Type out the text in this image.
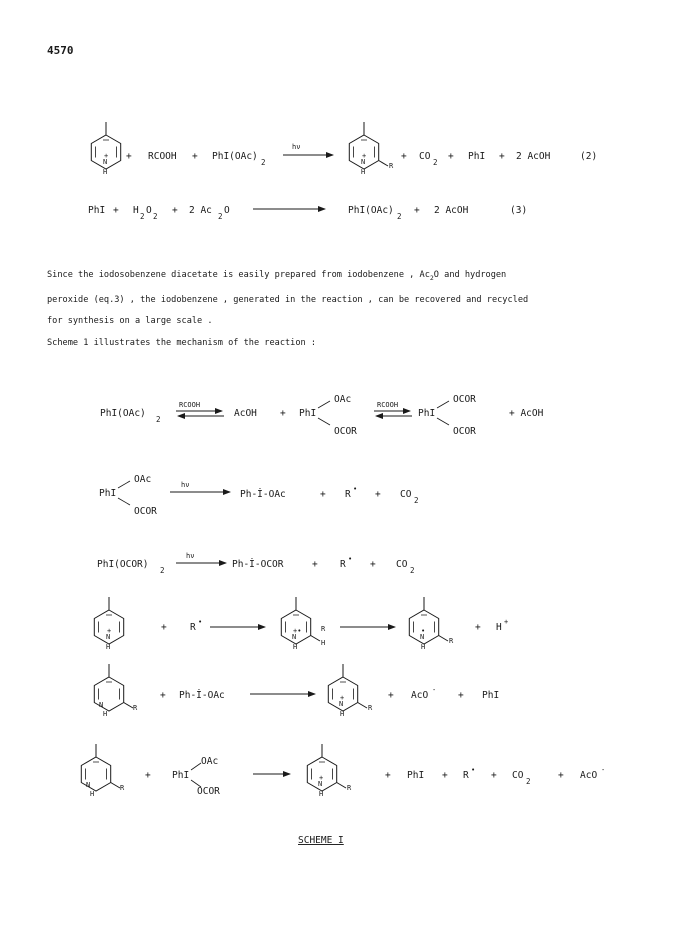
4570
N
+
H
+ RCOOH + PhI(OAc)
2
hν
N
+
H
R
+ CO
2
+ PhI + 2 AcOH	(2)
PhI + H
2
O
2
+ 2 Ac
2
O	PhI(OAc)
2
+ 2 AcOH	(3)
PhI(OAc)
2
RCOOH
AcOH + PhI
OAc
OCOR
RCOOH
PhI
OCOR
OCOR
+ AcOH
PhI
OAc
OCOR
hν
Ph-İ-OAc	+ R • + CO
2
PhI(OCOR)
2
hν
Ph-İ-OCOR	+ R • + CO
2
N
+
H
+ R •
N
+•
H
R
H
N
•
H
R
+ H +
N
H
R
+ Ph-İ-OAc
N
+
H
R
+ AcO - + PhI
N
H
R
+ PhI
OAc
OCOR
N
+
H
R
+ PhI + R • + CO
2
+ AcO -
SCHEME I
Since the iodosobenzene diacetate is easily prepared from iodobenzene , $Ac_2O$ and hydrogen
peroxide (eq.3) , the iodobenzene , generated in the reaction , can be recovered and recycled
for synthesis on a large scale .
Scheme 1 illustrates the mechanism of the reaction :
